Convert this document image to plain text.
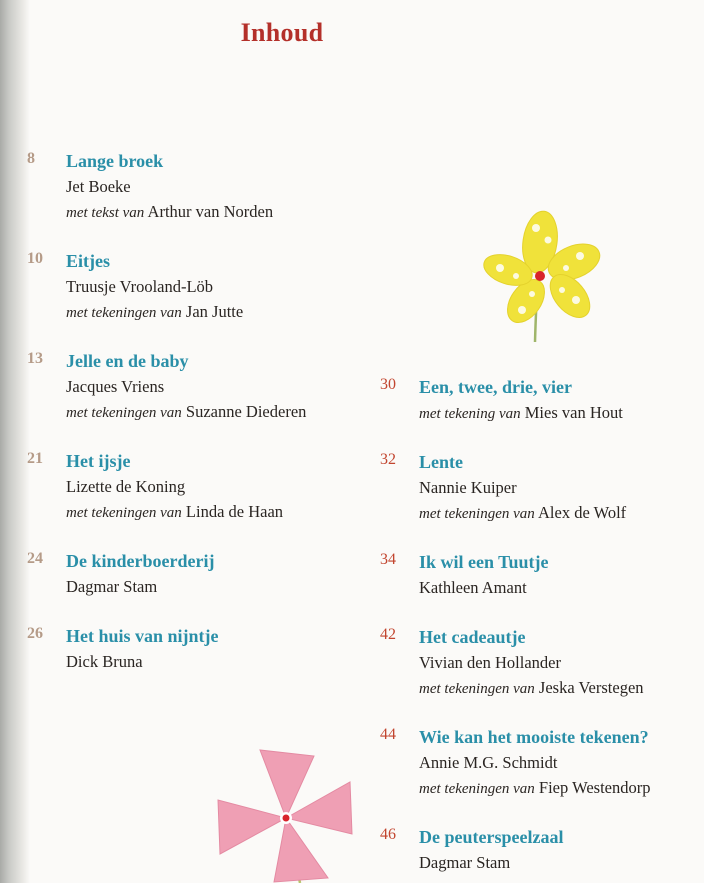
Inhoud
8 Lange broek
Jet Boeke
met tekst van Arthur van Norden
10 Eitjes
Truusje Vrooland-Löb
met tekeningen van Jan Jutte
13 Jelle en de baby
Jacques Vriens
met tekeningen van Suzanne Diederen
21 Het ijsje
Lizette de Koning
met tekeningen van Linda de Haan
24 De kinderboerderij
Dagmar Stam
26 Het huis van nijntje
Dick Bruna
30 Een, twee, drie, vier
met tekening van Mies van Hout
32 Lente
Nannie Kuiper
met tekeningen van Alex de Wolf
34 Ik wil een Tuutje
Kathleen Amant
42 Het cadeautje
Vivian den Hollander
met tekeningen van Jeska Verstegen
44 Wie kan het mooiste tekenen?
Annie M.G. Schmidt
met tekeningen van Fiep Westendorp
46 De peuterspeelzaal
Dagmar Stam
